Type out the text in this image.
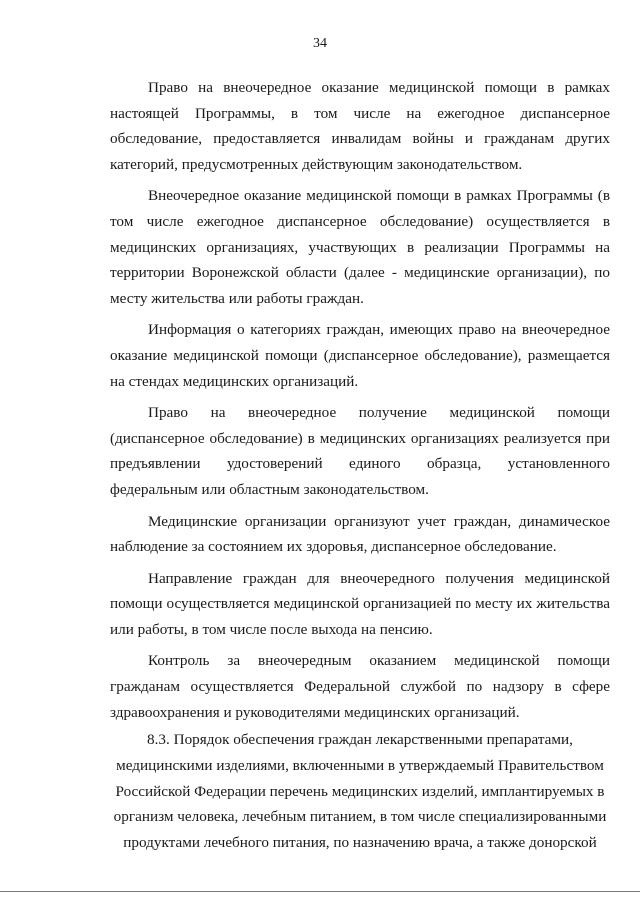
34

Право на внеочередное оказание медицинской помощи в рамках настоящей Программы, в том числе на ежегодное диспансерное обследование, предоставляется инвалидам войны и гражданам других категорий, предусмотренных действующим законодательством.

Внеочередное оказание медицинской помощи в рамках Программы (в том числе ежегодное диспансерное обследование) осуществляется в медицинских организациях, участвующих в реализации Программы на территории Воронежской области (далее - медицинские организации), по месту жительства или работы граждан.

Информация о категориях граждан, имеющих право на внеочередное оказание медицинской помощи (диспансерное обследование), размещается на стендах медицинских организаций.

Право на внеочередное получение медицинской помощи (диспансерное обследование) в медицинских организациях реализуется при предъявлении удостоверений единого образца, установленного федеральным или областным законодательством.

Медицинские организации организуют учет граждан, динамическое наблюдение за состоянием их здоровья, диспансерное обследование.

Направление граждан для внеочередного получения медицинской помощи осуществляется медицинской организацией по месту их жительства или работы, в том числе после выхода на пенсию.

Контроль за внеочередным оказанием медицинской помощи гражданам осуществляется Федеральной службой по надзору в сфере здравоохранения и руководителями медицинских организаций.

8.3. Порядок обеспечения граждан лекарственными препаратами, медицинскими изделиями, включенными в утверждаемый Правительством Российской Федерации перечень медицинских изделий, имплантируемых в организм человека, лечебным питанием, в том числе специализированными продуктами лечебного питания, по назначению врача, а также донорской
